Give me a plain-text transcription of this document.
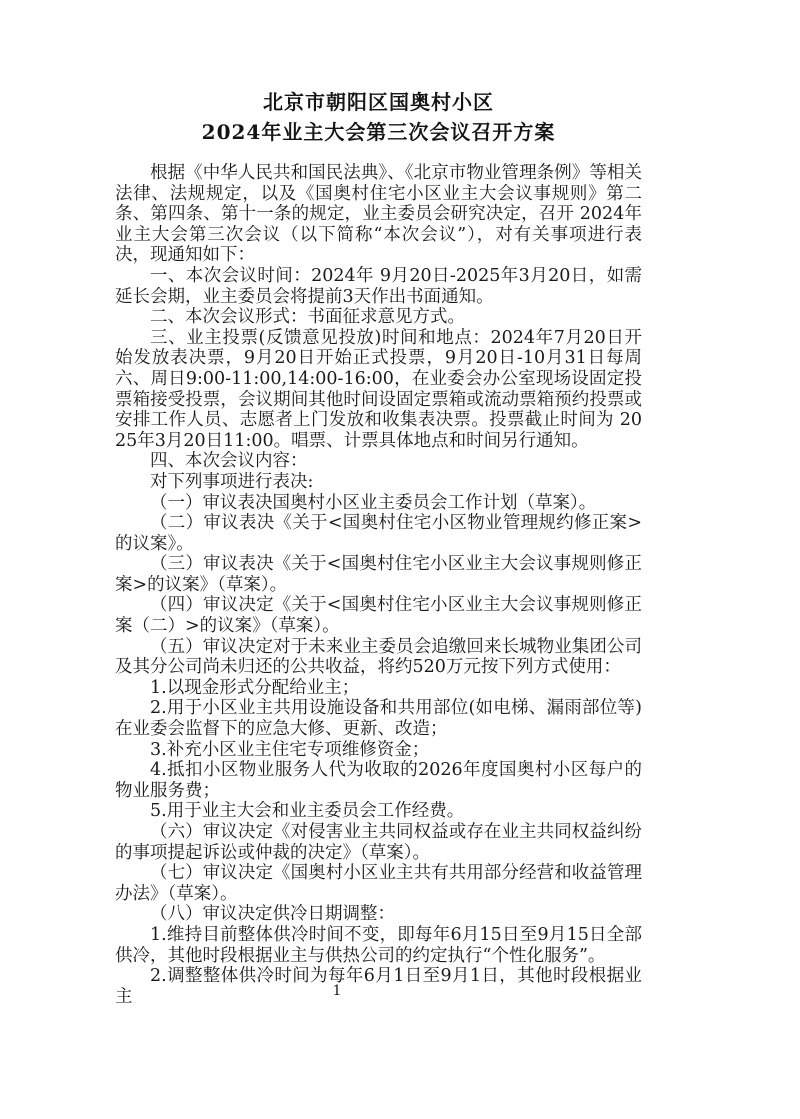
北京市朝阳区国奥村小区
2024年业主大会第三次会议召开方案

根据《中华人民共和国民法典》、《北京市物业管理条例》等相关法律、法规规定，以及《国奥村住宅小区业主大会议事规则》第二条、第四条、第十一条的规定，业主委员会研究决定，召开 2024年业主大会第三次会议（以下简称“本次会议”），对有关事项进行表决，现通知如下：

一、本次会议时间：2024年 9月20日-2025年3月20日，如需延长会期，业主委员会将提前3天作出书面通知。

二、本次会议形式：书面征求意见方式。

三、业主投票(反馈意见投放)时间和地点：2024年7月20日开始发放表决票，9月20日开始正式投票，9月20日-10月31日每周六、周日9:00-11:00,14:00-16:00，在业委会办公室现场设固定投票箱接受投票，会议期间其他时间设固定票箱或流动票箱预约投票或安排工作人员、志愿者上门发放和收集表决票。投票截止时间为 2025年3月20日11:00。唱票、计票具体地点和时间另行通知。

四、本次会议内容：

对下列事项进行表决:

（一）审议表决国奥村小区业主委员会工作计划（草案）。

（二）审议表决《关于<国奥村住宅小区物业管理规约修正案>的议案》。

（三）审议表决《关于<国奥村住宅小区业主大会议事规则修正案>的议案》（草案）。

（四）审议决定《关于<国奥村住宅小区业主大会议事规则修正案（二）>的议案》（草案）。

（五）审议决定对于未来业主委员会追缴回来长城物业集团公司及其分公司尚未归还的公共收益，将约520万元按下列方式使用：

1.以现金形式分配给业主；

2.用于小区业主共用设施设备和共用部位(如电梯、漏雨部位等)在业委会监督下的应急大修、更新、改造；

3.补充小区业主住宅专项维修资金；

4.抵扣小区物业服务人代为收取的2026年度国奥村小区每户的物业服务费；

5.用于业主大会和业主委员会工作经费。

（六）审议决定《对侵害业主共同权益或存在业主共同权益纠纷的事项提起诉讼或仲裁的决定》（草案）。

（七）审议决定《国奥村小区业主共有共用部分经营和收益管理办法》（草案）。

（八）审议决定供冷日期调整：

1.维持目前整体供冷时间不变，即每年6月15日至9月15日全部供冷，其他时段根据业主与供热公司的约定执行“个性化服务”。

2.调整整体供冷时间为每年6月1日至9月1日，其他时段根据业主	1
